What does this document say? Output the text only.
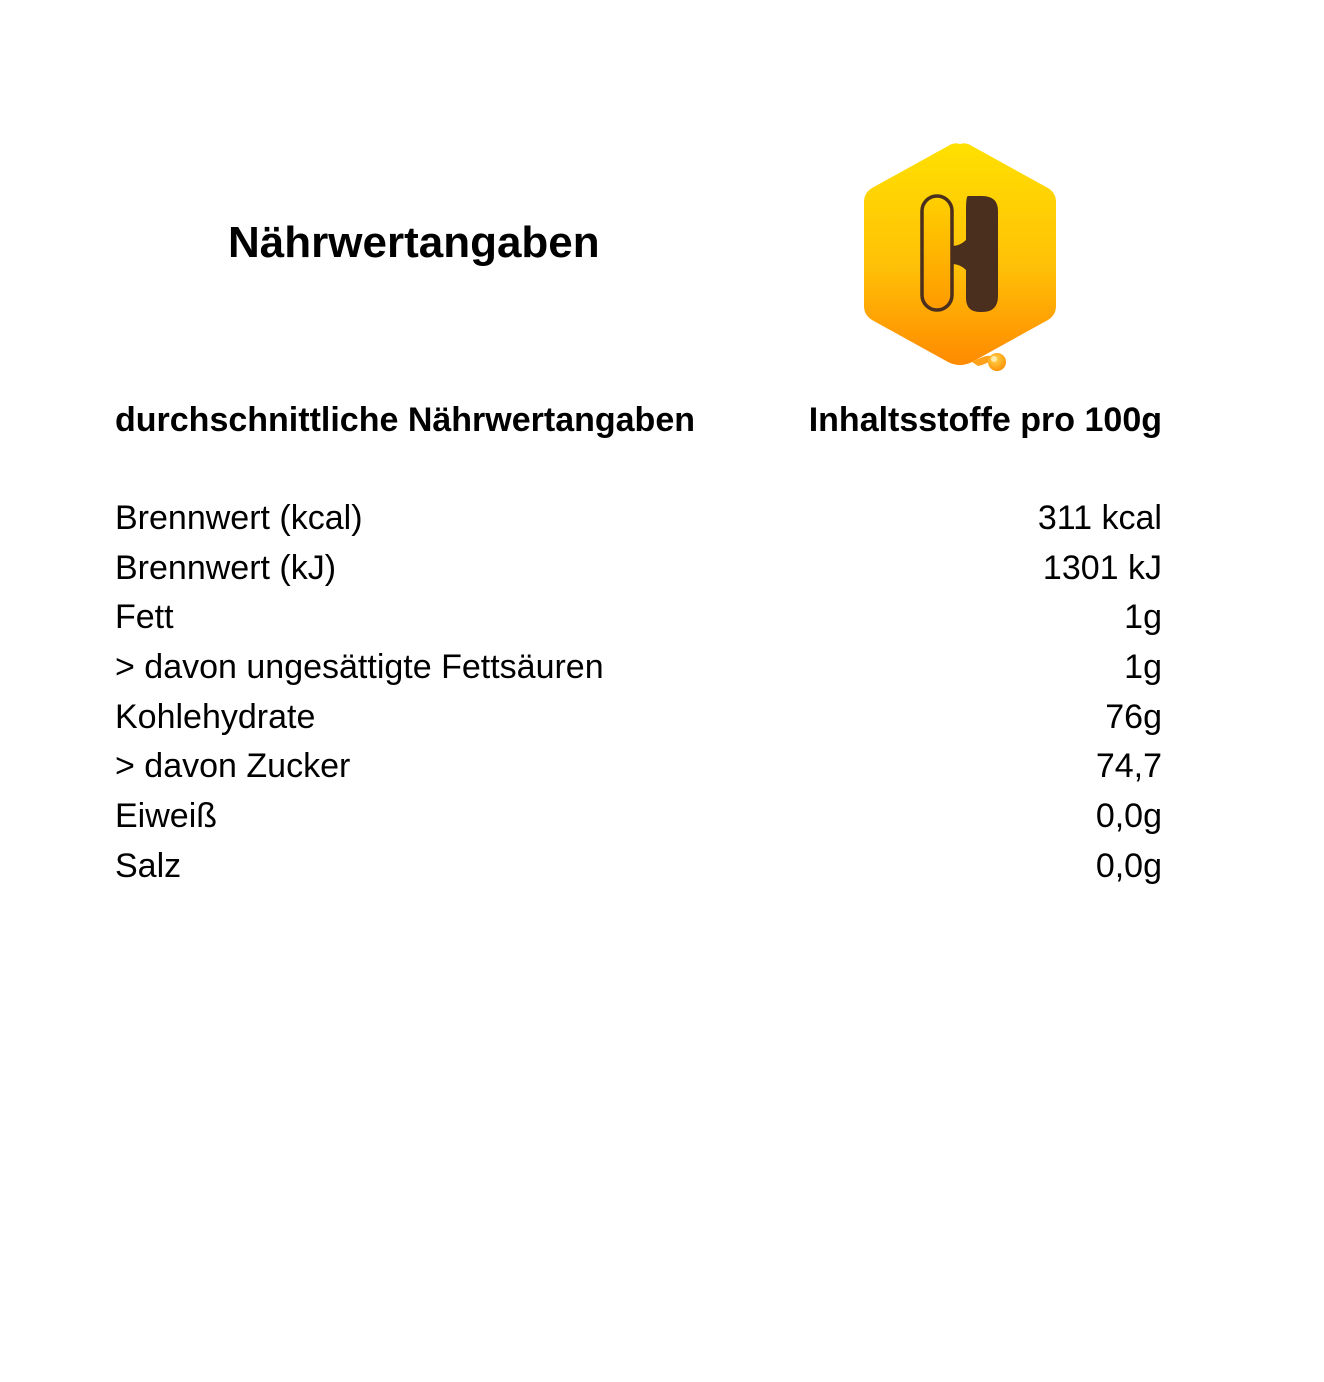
Nährwertangaben
durchschnittliche Nährwertangaben	Inhaltsstoffe pro 100g
Brennwert (kcal)	311 kcal
Brennwert (kJ)	1301 kJ
Fett	1g
> davon ungesättigte Fettsäuren	1g
Kohlehydrate	76g
> davon Zucker	74,7
Eiweiß	0,0g
Salz	0,0g
